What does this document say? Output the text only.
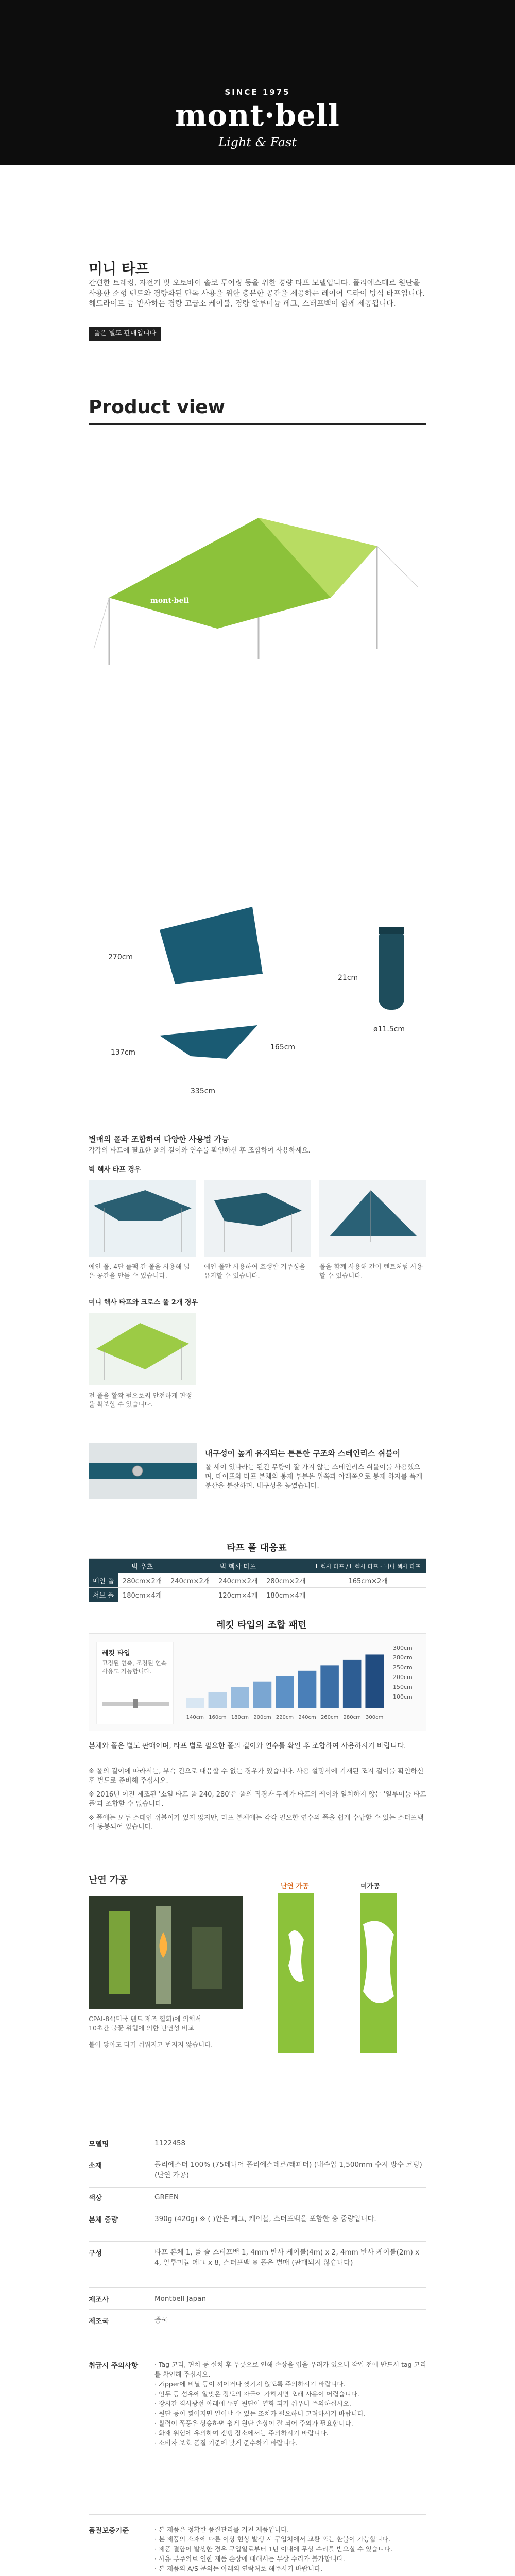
SINCE 1975
mont·bell
Light & Fast
미니 타프
간편한 트레킹, 자전거 및 오토바이 솔로 투어링 등을 위한 경량 타프 모델입니다. 폴리에스테르 원단을 사용한 소형 텐트와 경량화된 단독 사용을 위한 충분한 공간을 제공하는 레이어 드라이 방식 타프입니다. 헤드라이트 등 반사하는 경량 고급소 케이블, 경량 알루미늄 페그, 스터프백이 함께 제공됩니다.
폴은 별도 판매입니다
Product view
mont·bell
270cm
137cm
165cm
335cm
21cm
ø11.5cm
별매의 폴과 조합하여 다양한 사용법 가능
각각의 타프에 필요한 폴의 길이와 연수를 확인하신 후 조합하여 사용하세요.
빅 헥사 타프 경우
예인 폴, 4단 롤팩 간 폴을 사용해 넓은 공간을 만들 수 있습니다.
예인 폴만 사용하여 효생한 거주성을 유지할 수 있습니다.
폴을 함께 사용해 간이 텐트처럼 사용할 수 있습니다.
미니 헥사 타프와 크로스 폴 2개 경우
전 폴을 활짝 펼으로써 안전하게 판정을 확보할 수 있습니다.
내구성이 높게 유지되는 튼튼한 구조와 스테인리스 쉬블이
폴 세이 있다라는 된긴 무량이 잘 가지 않는 스테인리스 쉬블이를 사용했으며, 테이프와 타프 본체의 봉제 부분은 위쪽과 아래쪽으로 봉제 하자를 폭게 분산을 분산하며, 내구성을 높였습니다.
타프 폴 대응표
	빅 우츠	빅 헥사 타프			L 헥사 타프 / L 헥사 타프 - 미니 헥사 타프
메인 폴	280cm×2개	240cm×2개	240cm×2개	280cm×2개	165cm×2개
서브 폴	180cm×4개		120cm×4개	180cm×4개	
레킷 타입의 조합 패턴
레킷 타입
고정된 연축, 조정된 연속 사용도 가능합니다.
140cm 160cm 180cm 200cm 220cm 240cm 260cm 280cm 300cm
300cm
280cm
250cm
200cm
150cm
100cm
본체와 폴은 별도 판매이며, 타프 별로 필요한 폴의 길이와 연수를 확인 후 조합하여 사용하시기 바랍니다.
※ 폴의 길이에 따라서는, 부속 건으로 대응할 수 없는 경우가 있습니다. 사용 설명서에 기재된 조지 길이를 확인하신 후 별도로 준비해 주십시오.
※ 2016년 이전 제조된 '소일 타프 폴 240, 280'은 폴의 직경과 두께가 타프의 레이와 일치하지 않는 '일루미늄 타프 폴'과 조합할 수 없습니다.
※ 폴에는 모두 스테인 쉬블이가 있지 않지만, 타프 본체에는 각각 필요한 연수의 폴을 쉽게 수납할 수 있는 스터프백이 동봉되어 있습니다.
난연 가공
CPAI-84(미국 텐트 제조 협회)에 의해서
10초간 불꽃 위협에 의한 난연성 비교
불이 닿아도 타기 쉬워지고 번지지 않습니다.
난연 가공	미가공
모델명	1122458
소재	폴리에스터 100% (75데니어 폴리에스테르/태피터) (내수압 1,500mm 수지 방수 코팅) (난연 가공)
색상	GREEN
본체 중량	390g (420g) ※ ( )안은 페그, 케이블, 스터프백을 포함한 총 중량입니다.
구성	타프 본체 1, 폴 슬 스터프백 1, 4mm 반사 케이블(4m) x 2, 4mm 반사 케이블(2m) x 4, 알루미늄 페그 x 8, 스터프백 ※ 폴은 별매 (판매되지 않습니다)
제조사	Montbell Japan
제조국	중국
취급시 주의사항	· Tag 고리, 핀치 등 설치 후 무릇으로 인해 손상을 입을 우려가 있으니 작업 전에 반드시 tag 고리를 확인해 주십시오.
· Zipper에 비닐 등이 끼이거나 찢기지 않도록 주의하시기 바랍니다.
· 인두 등 섬유에 알맞은 정도의 자극이 가해지면 오래 사용이 어렵습니다.
· 장시간 직사광선 아래에 두면 원단이 열화 되기 쉬우니 주의하십시오.
· 원단 등이 찢어지면 일어날 수 있는 조치가 필요하니 고려하시기 바랍니다.
· 활력이 폭풍우 상승하면 쉽게 원단 손상이 잘 되어 주의가 필요합니다.
· 화재 위험에 유의하여 캠핑 장소에서는 주의하시기 바랍니다.
· 소비자 보호 품질 기준에 맞게 준수하기 바랍니다.
품질보증기준	· 본 제품은 정확한 품질관리를 거친 제품입니다.
· 본 제품의 소재에 따른 이상 현상 발생 시 구입처에서 교환 또는 환불이 가능합니다.
· 제품 결함이 발생한 경우 구입일로부터 1년 이내에 무상 수리를 받으실 수 있습니다.
· 사용 부주의로 인한 제품 손상에 대해서는 무상 수리가 불가합니다.
· 본 제품의 A/S 문의는 아래의 연락처로 해주시기 바랍니다.
